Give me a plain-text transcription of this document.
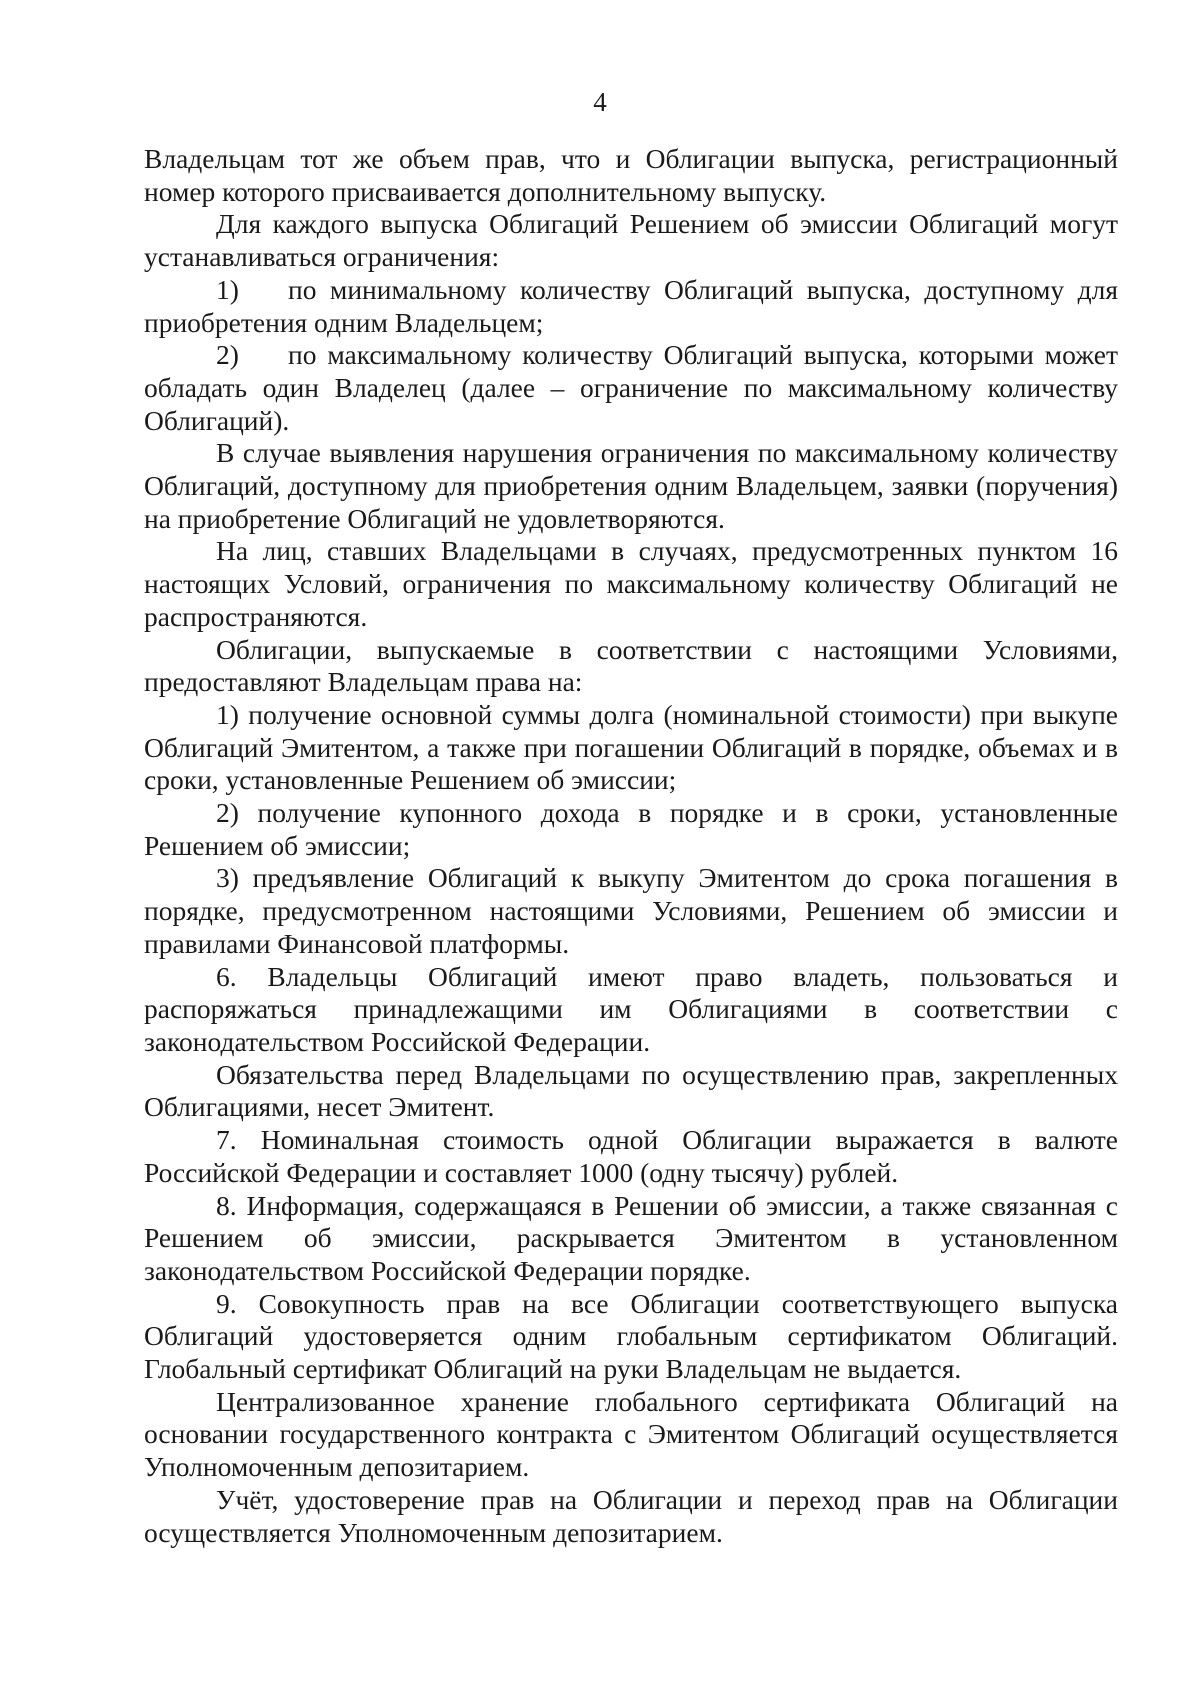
4

Владельцам тот же объем прав, что и Облигации выпуска, регистрационный номер которого присваивается дополнительному выпуску.

Для каждого выпуска Облигаций Решением об эмиссии Облигаций могут устанавливаться ограничения:

1) по минимальному количеству Облигаций выпуска, доступному для приобретения одним Владельцем;

2) по максимальному количеству Облигаций выпуска, которыми может обладать один Владелец (далее – ограничение по максимальному количеству Облигаций).

В случае выявления нарушения ограничения по максимальному количеству Облигаций, доступному для приобретения одним Владельцем, заявки (поручения) на приобретение Облигаций не удовлетворяются.

На лиц, ставших Владельцами в случаях, предусмотренных пунктом 16 настоящих Условий, ограничения по максимальному количеству Облигаций не распространяются.

Облигации, выпускаемые в соответствии с настоящими Условиями, предоставляют Владельцам права на:

1) получение основной суммы долга (номинальной стоимости) при выкупе Облигаций Эмитентом, а также при погашении Облигаций в порядке, объемах и в сроки, установленные Решением об эмиссии;

2) получение купонного дохода в порядке и в сроки, установленные Решением об эмиссии;

3) предъявление Облигаций к выкупу Эмитентом до срока погашения в порядке, предусмотренном настоящими Условиями, Решением об эмиссии и правилами Финансовой платформы.

6. Владельцы Облигаций имеют право владеть, пользоваться и распоряжаться принадлежащими им Облигациями в соответствии с законодательством Российской Федерации.

Обязательства перед Владельцами по осуществлению прав, закрепленных Облигациями, несет Эмитент.

7. Номинальная стоимость одной Облигации выражается в валюте Российской Федерации и составляет 1000 (одну тысячу) рублей.

8. Информация, содержащаяся в Решении об эмиссии, а также связанная с Решением об эмиссии, раскрывается Эмитентом в установленном законодательством Российской Федерации порядке.

9. Совокупность прав на все Облигации соответствующего выпуска Облигаций удостоверяется одним глобальным сертификатом Облигаций. Глобальный сертификат Облигаций на руки Владельцам не выдается.

Централизованное хранение глобального сертификата Облигаций на основании государственного контракта с Эмитентом Облигаций осуществляется Уполномоченным депозитарием.

Учёт, удостоверение прав на Облигации и переход прав на Облигации осуществляется Уполномоченным депозитарием.
